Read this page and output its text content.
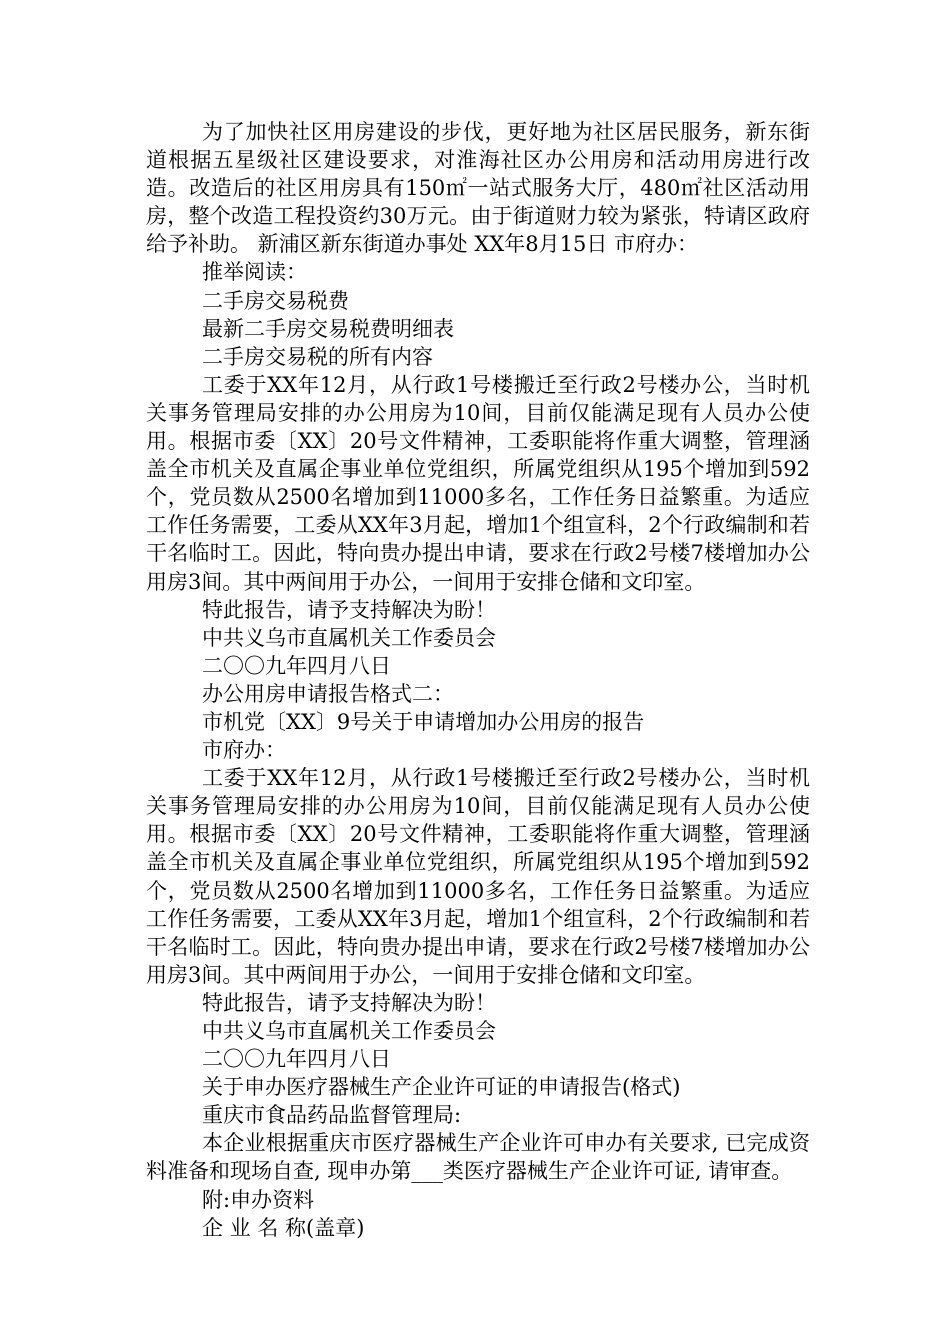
为了加快社区用房建设的步伐，更好地为社区居民服务，新东街道根据五星级社区建设要求，对淮海社区办公用房和活动用房进行改造。改造后的社区用房具有150㎡一站式服务大厅，480㎡社区活动用房，整个改造工程投资约30万元。由于街道财力较为紧张，特请区政府给予补助。 新浦区新东街道办事处 XX年8月15日 市府办：

推举阅读：

二手房交易税费

最新二手房交易税费明细表

二手房交易税的所有内容

工委于XX年12月，从行政1号楼搬迁至行政2号楼办公，当时机关事务管理局安排的办公用房为10间，目前仅能满足现有人员办公使用。根据市委〔XX〕20号文件精神，工委职能将作重大调整，管理涵盖全市机关及直属企事业单位党组织，所属党组织从195个增加到592个，党员数从2500名增加到11000多名，工作任务日益繁重。为适应工作任务需要，工委从XX年3月起，增加1个组宣科，2个行政编制和若干名临时工。因此，特向贵办提出申请，要求在行政2号楼7楼增加办公用房3间。其中两间用于办公，一间用于安排仓储和文印室。

特此报告，请予支持解决为盼！

中共义乌市直属机关工作委员会

二〇〇九年四月八日

办公用房申请报告格式二：

市机党〔XX〕9号关于申请增加办公用房的报告

市府办：

工委于XX年12月，从行政1号楼搬迁至行政2号楼办公，当时机关事务管理局安排的办公用房为10间，目前仅能满足现有人员办公使用。根据市委〔XX〕20号文件精神，工委职能将作重大调整，管理涵盖全市机关及直属企事业单位党组织，所属党组织从195个增加到592个，党员数从2500名增加到11000多名，工作任务日益繁重。为适应工作任务需要，工委从XX年3月起，增加1个组宣科，2个行政编制和若干名临时工。因此，特向贵办提出申请，要求在行政2号楼7楼增加办公用房3间。其中两间用于办公，一间用于安排仓储和文印室。

特此报告，请予支持解决为盼！

中共义乌市直属机关工作委员会

二〇〇九年四月八日

关于申办医疗器械生产企业许可证的申请报告(格式)

重庆市食品药品监督管理局:

本企业根据重庆市医疗器械生产企业许可申办有关要求, 已完成资料准备和现场自查, 现申办第___类医疗器械生产企业许可证, 请审查。

附:申办资料

企 业 名 称(盖章)
